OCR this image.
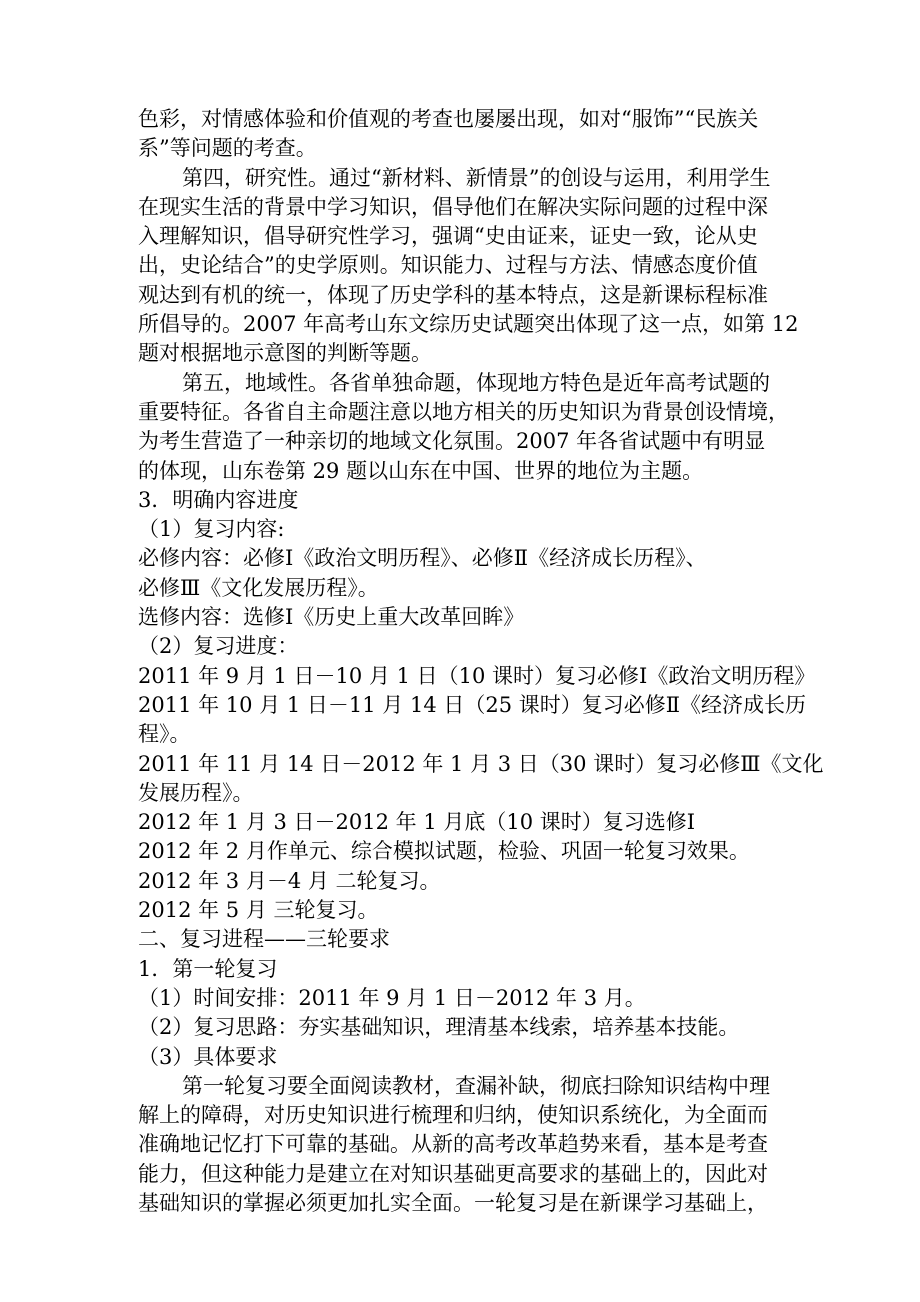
色彩，对情感体验和价值观的考查也屡屡出现，如对“服饰”“民族关
系”等问题的考查。
第四，研究性。通过“新材料、新情景”的创设与运用，利用学生
在现实生活的背景中学习知识，倡导他们在解决实际问题的过程中深
入理解知识，倡导研究性学习，强调“史由证来，证史一致，论从史
出，史论结合”的史学原则。知识能力、过程与方法、情感态度价值
观达到有机的统一，体现了历史学科的基本特点，这是新课标程标准
所倡导的。2007 年高考山东文综历史试题突出体现了这一点，如第 12
题对根据地示意图的判断等题。
第五，地域性。各省单独命题，体现地方特色是近年高考试题的
重要特征。各省自主命题注意以地方相关的历史知识为背景创设情境，
为考生营造了一种亲切的地域文化氛围。2007 年各省试题中有明显
的体现，山东卷第 29 题以山东在中国、世界的地位为主题。
3．明确内容进度
（1）复习内容:
必修内容：必修Ⅰ《政治文明历程》、必修Ⅱ《经济成长历程》、
必修Ⅲ《文化发展历程》。
选修内容：选修Ⅰ《历史上重大改革回眸》
（2）复习进度：
2011 年 9 月 1 日－10 月 1 日（10 课时）复习必修Ⅰ《政治文明历程》
2011 年 10 月 1 日－11 月 14 日（25 课时）复习必修Ⅱ《经济成长历
程》。
2011 年 11 月 14 日－2012 年 1 月 3 日（30 课时）复习必修Ⅲ《文化
发展历程》。
2012 年 1 月 3 日－2012 年 1 月底（10 课时）复习选修Ⅰ
2012 年 2 月作单元、综合模拟试题，检验、巩固一轮复习效果。
2012 年 3 月－4 月 二轮复习。
2012 年 5 月 三轮复习。
二、复习进程——三轮要求
1．第一轮复习
（1）时间安排：2011 年 9 月 1 日－2012 年 3 月。
（2）复习思路：夯实基础知识，理清基本线索，培养基本技能。
（3）具体要求
第一轮复习要全面阅读教材，查漏补缺，彻底扫除知识结构中理
解上的障碍，对历史知识进行梳理和归纳，使知识系统化，为全面而
准确地记忆打下可靠的基础。从新的高考改革趋势来看，基本是考查
能力，但这种能力是建立在对知识基础更高要求的基础上的，因此对
基础知识的掌握必须更加扎实全面。一轮复习是在新课学习基础上，
